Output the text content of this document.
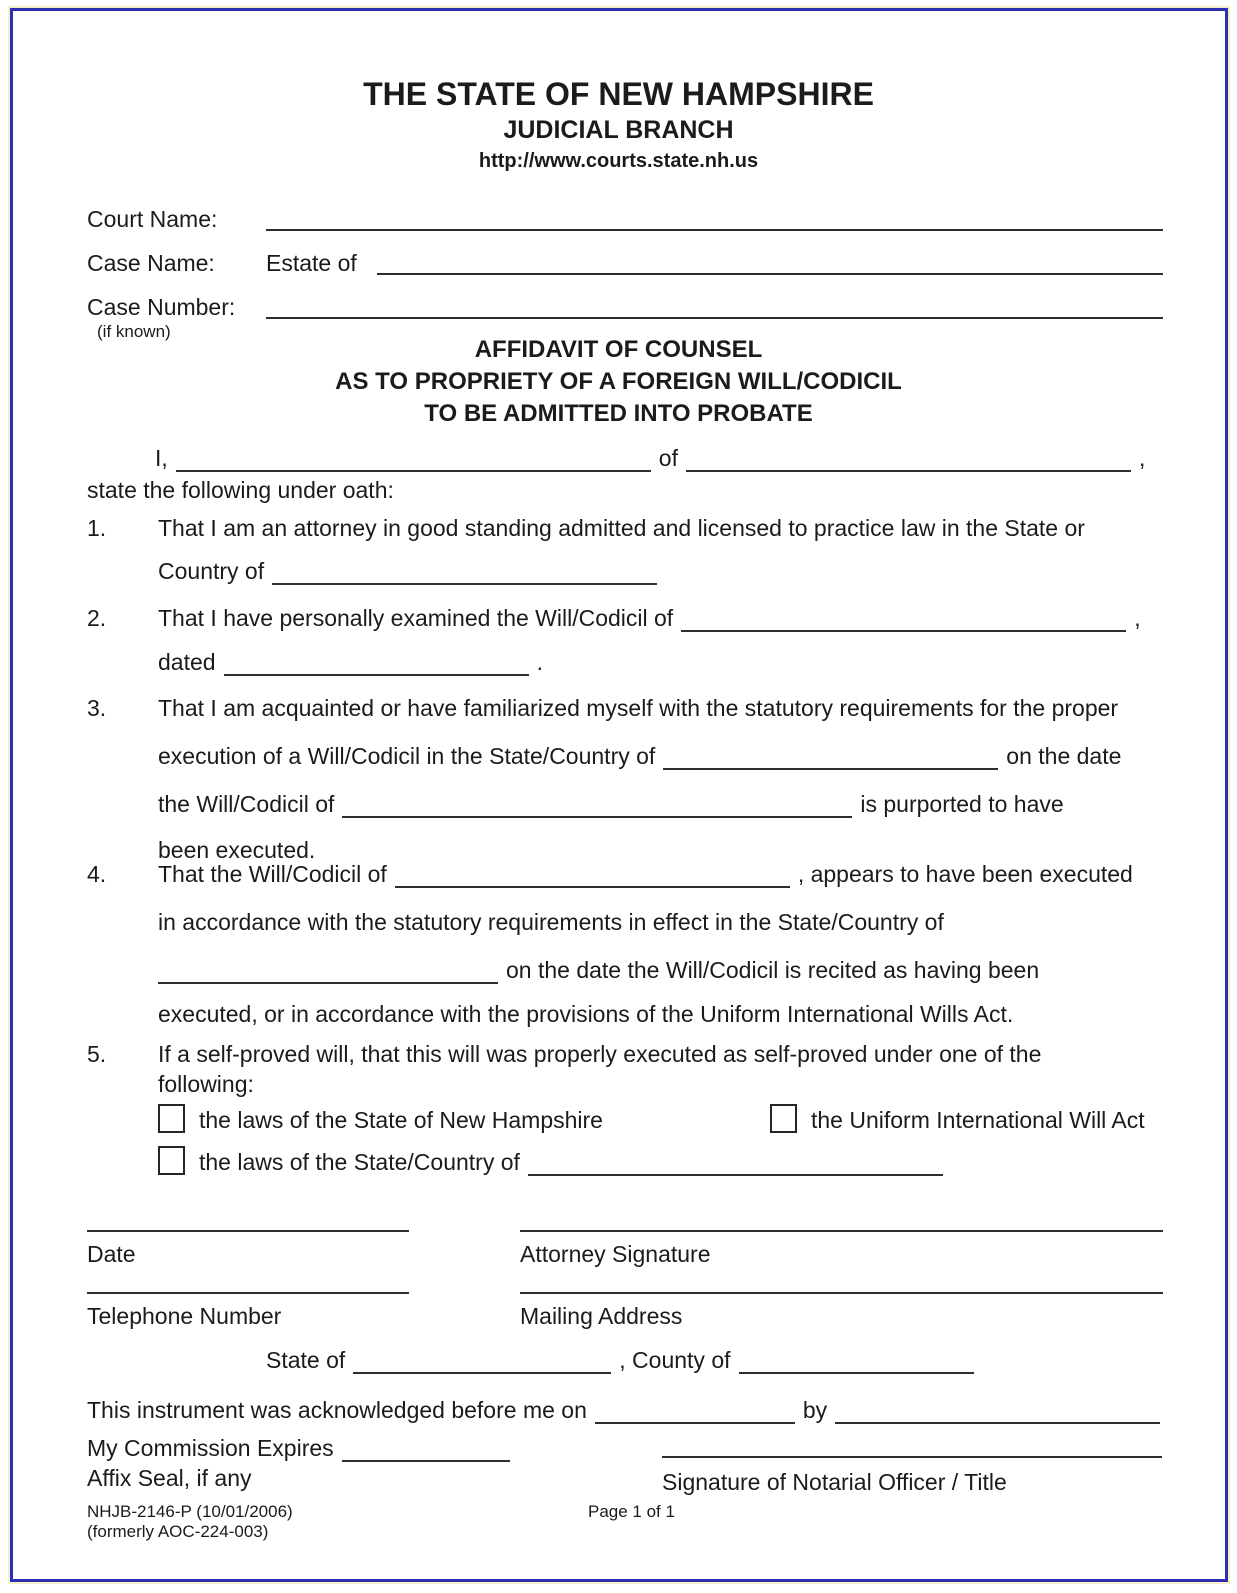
THE STATE OF NEW HAMPSHIRE
JUDICIAL BRANCH
http://www.courts.state.nh.us
Court Name:
Case Name: Estate of
Case Number:
(if known)
AFFIDAVIT OF COUNSEL
AS TO PROPRIETY OF A FOREIGN WILL/CODICIL
TO BE ADMITTED INTO PROBATE
I,	of	,
state the following under oath:
1. That I am an attorney in good standing admitted and licensed to practice law in the State or
Country of
2. That I have personally examined the Will/Codicil of	,
dated	.
3. That I am acquainted or have familiarized myself with the statutory requirements for the proper
execution of a Will/Codicil in the State/Country of	on the date
the Will/Codicil of	is purported to have
been executed.
4. That the Will/Codicil of	, appears to have been executed
in accordance with the statutory requirements in effect in the State/Country of
on the date the Will/Codicil is recited as having been
executed, or in accordance with the provisions of the Uniform International Wills Act.
5. If a self-proved will, that this will was properly executed as self-proved under one of the
following:
the laws of the State of New Hampshire	the Uniform International Will Act
the laws of the State/Country of
Date	Attorney Signature
Telephone Number	Mailing Address
State of	, County of
This instrument was acknowledged before me on	by
My Commission Expires
Affix Seal, if any	Signature of Notarial Officer / Title
NHJB-2146-P (10/01/2006)
(formerly AOC-224-003)
Page 1 of 1
